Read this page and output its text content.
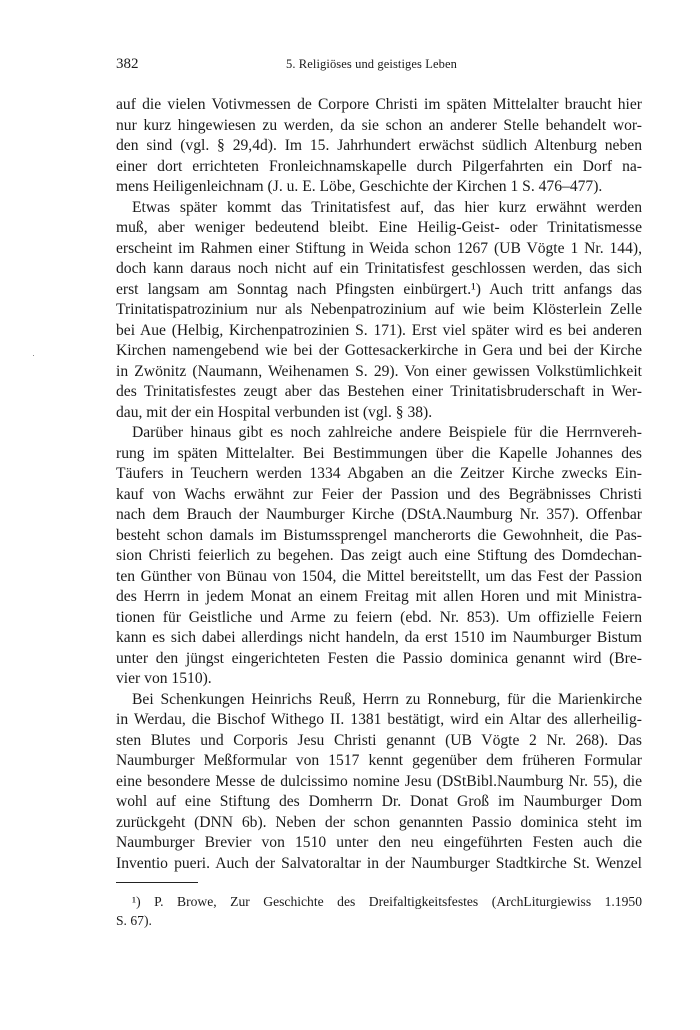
382	5. Religiöses und geistiges Leben
auf die vielen Votivmessen de Corpore Christi im späten Mittelalter braucht hier
nur kurz hingewiesen zu werden, da sie schon an anderer Stelle behandelt wor-
den sind (vgl. § 29,4d). Im 15. Jahrhundert erwächst südlich Altenburg neben
einer dort errichteten Fronleichnamskapelle durch Pilgerfahrten ein Dorf na-
mens Heiligenleichnam (J. u. E. Löbe, Geschichte der Kirchen 1 S. 476–477).
Etwas später kommt das Trinitatisfest auf, das hier kurz erwähnt werden
muß, aber weniger bedeutend bleibt. Eine Heilig-Geist- oder Trinitatismesse
erscheint im Rahmen einer Stiftung in Weida schon 1267 (UB Vögte 1 Nr. 144),
doch kann daraus noch nicht auf ein Trinitatisfest geschlossen werden, das sich
erst langsam am Sonntag nach Pfingsten einbürgert.¹) Auch tritt anfangs das
Trinitatispatrozinium nur als Nebenpatrozinium auf wie beim Klösterlein Zelle
bei Aue (Helbig, Kirchenpatrozinien S. 171). Erst viel später wird es bei anderen
Kirchen namengebend wie bei der Gottesackerkirche in Gera und bei der Kirche
in Zwönitz (Naumann, Weihenamen S. 29). Von einer gewissen Volkstümlichkeit
des Trinitatisfestes zeugt aber das Bestehen einer Trinitatisbruderschaft in Wer-
dau, mit der ein Hospital verbunden ist (vgl. § 38).
Darüber hinaus gibt es noch zahlreiche andere Beispiele für die Herrnvereh-
rung im späten Mittelalter. Bei Bestimmungen über die Kapelle Johannes des
Täufers in Teuchern werden 1334 Abgaben an die Zeitzer Kirche zwecks Ein-
kauf von Wachs erwähnt zur Feier der Passion und des Begräbnisses Christi
nach dem Brauch der Naumburger Kirche (DStA.Naumburg Nr. 357). Offenbar
besteht schon damals im Bistumssprengel mancherorts die Gewohnheit, die Pas-
sion Christi feierlich zu begehen. Das zeigt auch eine Stiftung des Domdechan-
ten Günther von Bünau von 1504, die Mittel bereitstellt, um das Fest der Passion
des Herrn in jedem Monat an einem Freitag mit allen Horen und mit Ministra-
tionen für Geistliche und Arme zu feiern (ebd. Nr. 853). Um offizielle Feiern
kann es sich dabei allerdings nicht handeln, da erst 1510 im Naumburger Bistum
unter den jüngst eingerichteten Festen die Passio dominica genannt wird (Bre-
vier von 1510).
Bei Schenkungen Heinrichs Reuß, Herrn zu Ronneburg, für die Marienkirche
in Werdau, die Bischof Withego II. 1381 bestätigt, wird ein Altar des allerheilig-
sten Blutes und Corporis Jesu Christi genannt (UB Vögte 2 Nr. 268). Das
Naumburger Meßformular von 1517 kennt gegenüber dem früheren Formular
eine besondere Messe de dulcissimo nomine Jesu (DStBibl.Naumburg Nr. 55), die
wohl auf eine Stiftung des Domherrn Dr. Donat Groß im Naumburger Dom
zurückgeht (DNN 6b). Neben der schon genannten Passio dominica steht im
Naumburger Brevier von 1510 unter den neu eingeführten Festen auch die
Inventio pueri. Auch der Salvatoraltar in der Naumburger Stadtkirche St. Wenzel
¹) P. Browe, Zur Geschichte des Dreifaltigkeitsfestes (ArchLiturgiewiss 1.1950
S. 67).
